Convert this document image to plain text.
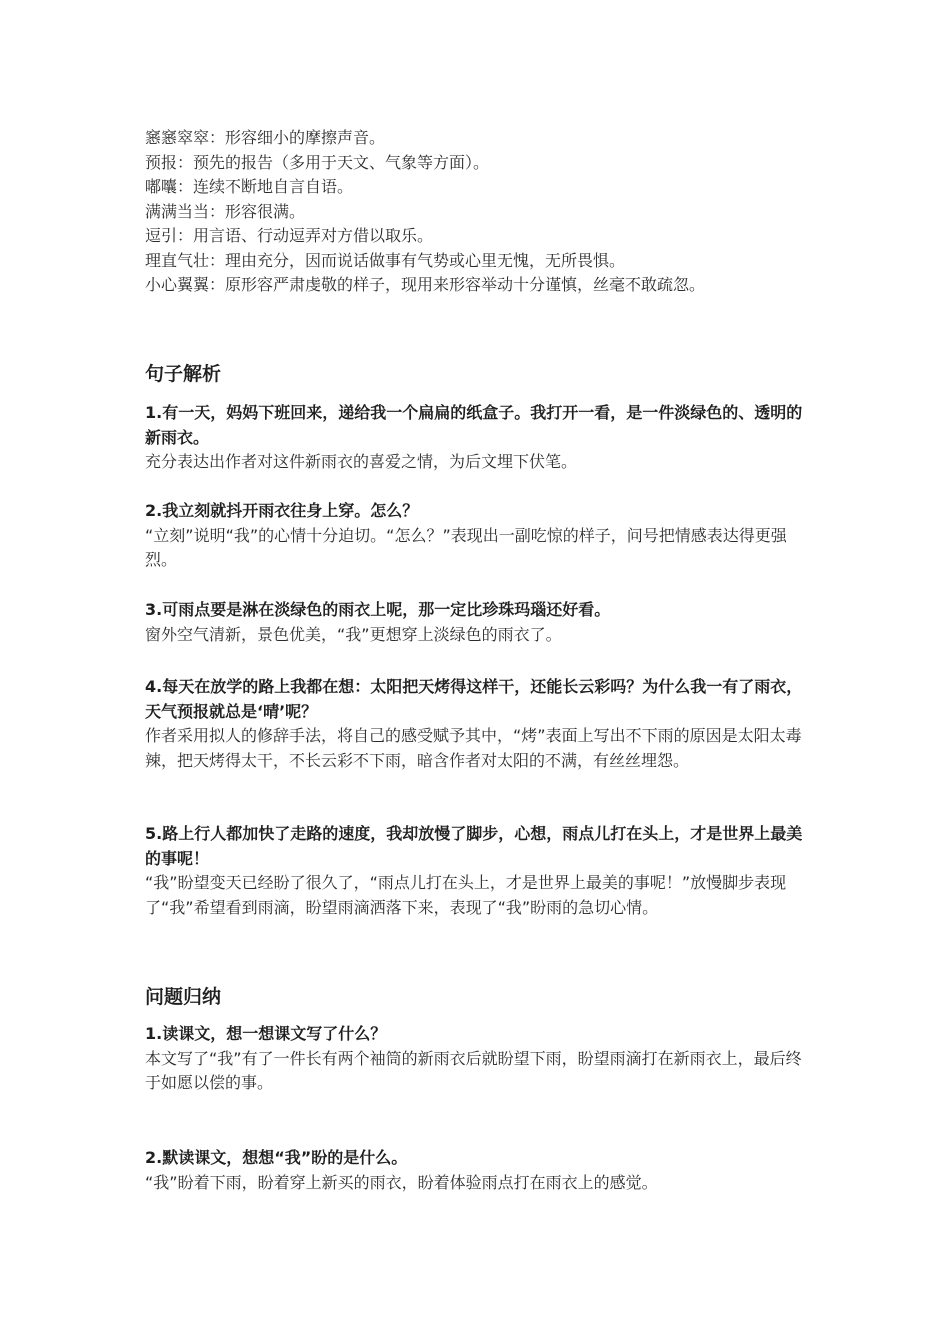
窸窸窣窣：形容细小的摩擦声音。
预报：预先的报告（多用于天文、气象等方面）。
嘟囔：连续不断地自言自语。
满满当当：形容很满。
逗引：用言语、行动逗弄对方借以取乐。
理直气壮：理由充分，因而说话做事有气势或心里无愧，无所畏惧。
小心翼翼：原形容严肃虔敬的样子，现用来形容举动十分谨慎，丝毫不敢疏忽。
句子解析

1.有一天，妈妈下班回来，递给我一个扁扁的纸盒子。我打开一看，是一件淡绿色的、透明的新雨衣。

充分表达出作者对这件新雨衣的喜爱之情，为后文埋下伏笔。

2.我立刻就抖开雨衣往身上穿。怎么？

“立刻”说明“我”的心情十分迫切。“怎么？”表现出一副吃惊的样子，问号把情感表达得更强烈。

3.可雨点要是淋在淡绿色的雨衣上呢，那一定比珍珠玛瑙还好看。

窗外空气清新，景色优美，“我”更想穿上淡绿色的雨衣了。

4.每天在放学的路上我都在想：太阳把天烤得这样干，还能长云彩吗？为什么我一有了雨衣，天气预报就总是‘晴’呢？

作者采用拟人的修辞手法，将自己的感受赋予其中，“烤”表面上写出不下雨的原因是太阳太毒辣，把天烤得太干，不长云彩不下雨，暗含作者对太阳的不满，有丝丝埋怨。

5.路上行人都加快了走路的速度，我却放慢了脚步，心想，雨点儿打在头上，才是世界上最美的事呢！

“我”盼望变天已经盼了很久了，“雨点儿打在头上，才是世界上最美的事呢！”放慢脚步表现了“我”希望看到雨滴，盼望雨滴洒落下来，表现了“我”盼雨的急切心情。

问题归纳

1.读课文，想一想课文写了什么？

本文写了“我”有了一件长有两个袖筒的新雨衣后就盼望下雨，盼望雨滴打在新雨衣上，最后终于如愿以偿的事。

2.默读课文，想想“我”盼的是什么。

“我”盼着下雨，盼着穿上新买的雨衣，盼着体验雨点打在雨衣上的感觉。
